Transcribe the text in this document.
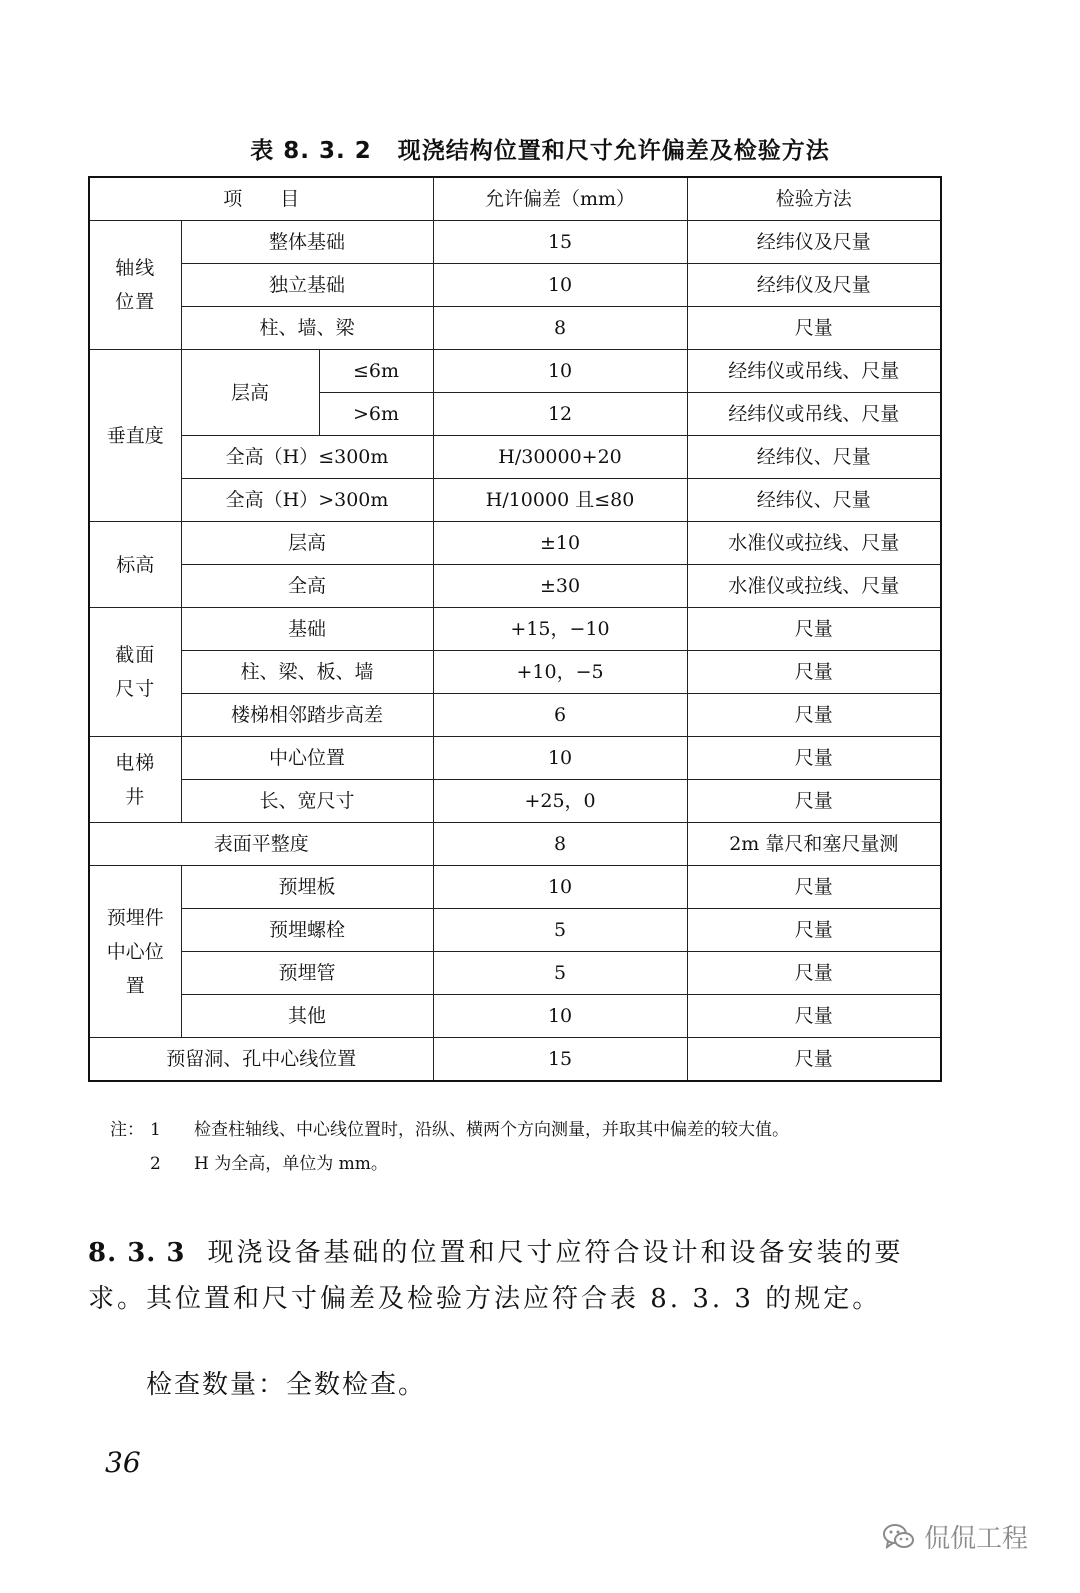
表 8. 3. 2 现浇结构位置和尺寸允许偏差及检验方法
项　　目			允许偏差（mm）	检验方法
轴线位置	整体基础		15	经纬仪及尺量
	独立基础		10	经纬仪及尺量
	柱、墙、梁		8	尺量
垂直度	层高	≤6m	10	经纬仪或吊线、尺量
		>6m	12	经纬仪或吊线、尺量
	全高（H）≤300m		H/30000+20	经纬仪、尺量
	全高（H）>300m		H/10000 且≤80	经纬仪、尺量
标高	层高		±10	水准仪或拉线、尺量
	全高		±30	水准仪或拉线、尺量
截面尺寸	基础		+15，−10	尺量
	柱、梁、板、墙		+10，−5	尺量
	楼梯相邻踏步高差		6	尺量
电梯井	中心位置		10	尺量
	长、宽尺寸		+25，0	尺量
表面平整度			8	2m 靠尺和塞尺量测
预埋件中心位置	预埋板		10	尺量
	预埋螺栓		5	尺量
	预埋管		5	尺量
	其他		10	尺量
预留洞、孔中心线位置			15	尺量
注： 1	检查柱轴线、中心线位置时，沿纵、横两个方向测量，并取其中偏差的较大值。
2	H 为全高，单位为 mm。
8. 3. 3 现浇设备基础的位置和尺寸应符合设计和设备安装的要求。其位置和尺寸偏差及检验方法应符合表 8. 3. 3 的规定。
检查数量：全数检查。
36
侃侃工程
